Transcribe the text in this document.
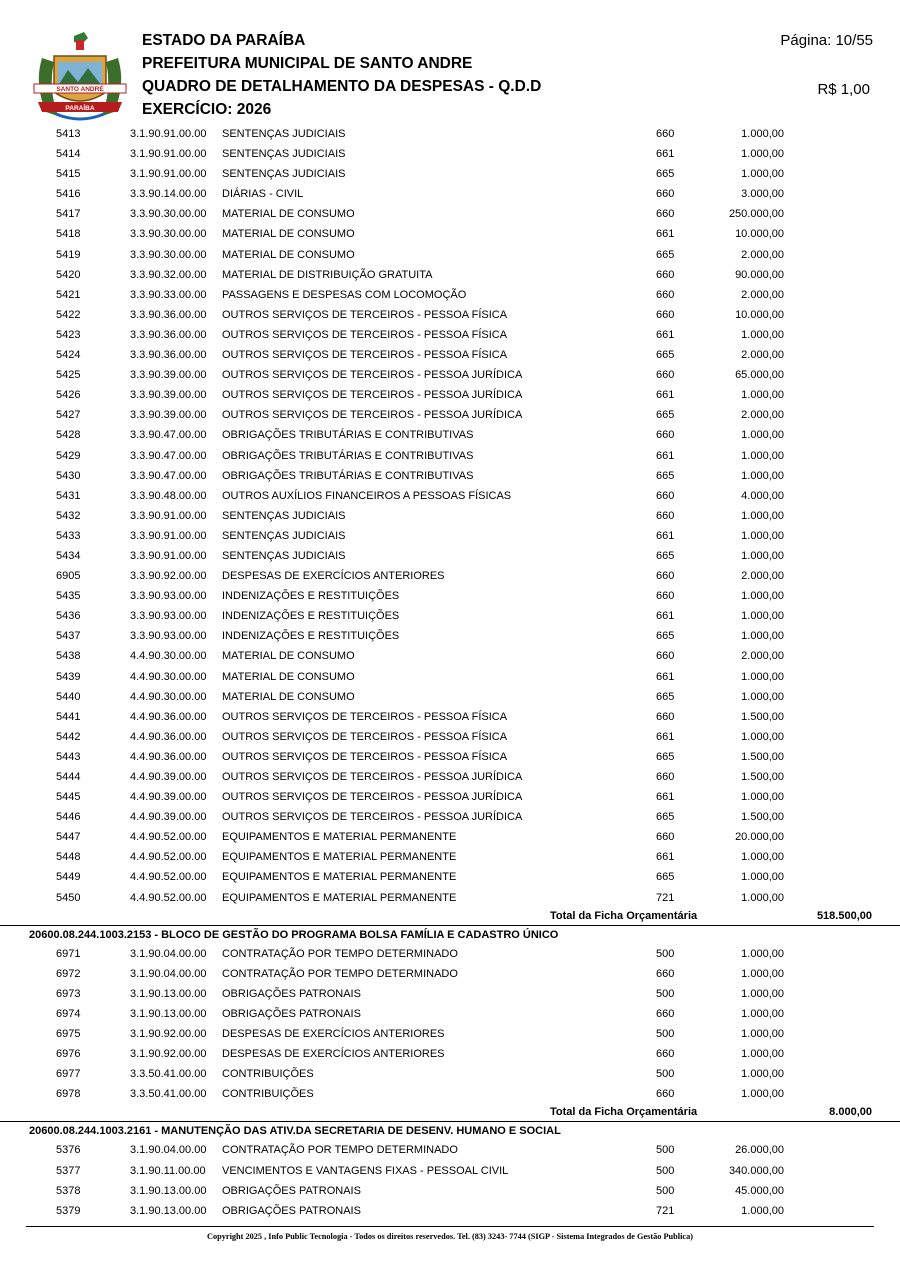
SANTO ANDRÉ
PARAÍBA
ESTADO DA PARAÍBA
PREFEITURA MUNICIPAL DE SANTO ANDRE
QUADRO DE DETALHAMENTO DA DESPESAS - Q.D.D
EXERCÍCIO: 2026
Página: 10/55
R$ 1,00
5413	3.1.90.91.00.00 SENTENÇAS JUDICIAIS	660	1.000,00
5414	3.1.90.91.00.00 SENTENÇAS JUDICIAIS	661	1.000,00
5415	3.1.90.91.00.00 SENTENÇAS JUDICIAIS	665	1.000,00
5416	3.3.90.14.00.00 DIÁRIAS - CIVIL	660	3.000,00
5417	3.3.90.30.00.00 MATERIAL DE CONSUMO	660	250.000,00
5418	3.3.90.30.00.00 MATERIAL DE CONSUMO	661	10.000,00
5419	3.3.90.30.00.00 MATERIAL DE CONSUMO	665	2.000,00
5420	3.3.90.32.00.00 MATERIAL DE DISTRIBUIÇÃO GRATUITA	660	90.000,00
5421	3.3.90.33.00.00 PASSAGENS E DESPESAS COM LOCOMOÇÃO	660	2.000,00
5422	3.3.90.36.00.00 OUTROS SERVIÇOS DE TERCEIROS - PESSOA FÍSICA	660	10.000,00
5423	3.3.90.36.00.00 OUTROS SERVIÇOS DE TERCEIROS - PESSOA FÍSICA	661	1.000,00
5424	3.3.90.36.00.00 OUTROS SERVIÇOS DE TERCEIROS - PESSOA FÍSICA	665	2.000,00
5425	3.3.90.39.00.00 OUTROS SERVIÇOS DE TERCEIROS - PESSOA JURÍDICA	660	65.000,00
5426	3.3.90.39.00.00 OUTROS SERVIÇOS DE TERCEIROS - PESSOA JURÍDICA	661	1.000,00
5427	3.3.90.39.00.00 OUTROS SERVIÇOS DE TERCEIROS - PESSOA JURÍDICA	665	2.000,00
5428	3.3.90.47.00.00 OBRIGAÇÕES TRIBUTÁRIAS E CONTRIBUTIVAS	660	1.000,00
5429	3.3.90.47.00.00 OBRIGAÇÕES TRIBUTÁRIAS E CONTRIBUTIVAS	661	1.000,00
5430	3.3.90.47.00.00 OBRIGAÇÕES TRIBUTÁRIAS E CONTRIBUTIVAS	665	1.000,00
5431	3.3.90.48.00.00 OUTROS AUXÍLIOS FINANCEIROS A PESSOAS FÍSICAS	660	4.000,00
5432	3.3.90.91.00.00 SENTENÇAS JUDICIAIS	660	1.000,00
5433	3.3.90.91.00.00 SENTENÇAS JUDICIAIS	661	1.000,00
5434	3.3.90.91.00.00 SENTENÇAS JUDICIAIS	665	1.000,00
6905	3.3.90.92.00.00 DESPESAS DE EXERCÍCIOS ANTERIORES	660	2.000,00
5435	3.3.90.93.00.00 INDENIZAÇÕES E RESTITUIÇÕES	660	1.000,00
5436	3.3.90.93.00.00 INDENIZAÇÕES E RESTITUIÇÕES	661	1.000,00
5437	3.3.90.93.00.00 INDENIZAÇÕES E RESTITUIÇÕES	665	1.000,00
5438	4.4.90.30.00.00 MATERIAL DE CONSUMO	660	2.000,00
5439	4.4.90.30.00.00 MATERIAL DE CONSUMO	661	1.000,00
5440	4.4.90.30.00.00 MATERIAL DE CONSUMO	665	1.000,00
5441	4.4.90.36.00.00 OUTROS SERVIÇOS DE TERCEIROS - PESSOA FÍSICA	660	1.500,00
5442	4.4.90.36.00.00 OUTROS SERVIÇOS DE TERCEIROS - PESSOA FÍSICA	661	1.000,00
5443	4.4.90.36.00.00 OUTROS SERVIÇOS DE TERCEIROS - PESSOA FÍSICA	665	1.500,00
5444	4.4.90.39.00.00 OUTROS SERVIÇOS DE TERCEIROS - PESSOA JURÍDICA	660	1.500,00
5445	4.4.90.39.00.00 OUTROS SERVIÇOS DE TERCEIROS - PESSOA JURÍDICA	661	1.000,00
5446	4.4.90.39.00.00 OUTROS SERVIÇOS DE TERCEIROS - PESSOA JURÍDICA	665	1.500,00
5447	4.4.90.52.00.00 EQUIPAMENTOS E MATERIAL PERMANENTE	660	20.000,00
5448	4.4.90.52.00.00 EQUIPAMENTOS E MATERIAL PERMANENTE	661	1.000,00
5449	4.4.90.52.00.00 EQUIPAMENTOS E MATERIAL PERMANENTE	665	1.000,00
5450	4.4.90.52.00.00 EQUIPAMENTOS E MATERIAL PERMANENTE	721	1.000,00
Total da Ficha Orçamentária	518.500,00
20600.08.244.1003.2153 - BLOCO DE GESTÃO DO PROGRAMA BOLSA FAMÍLIA E CADASTRO ÚNICO
6971	3.1.90.04.00.00 CONTRATAÇÃO POR TEMPO DETERMINADO	500	1.000,00
6972	3.1.90.04.00.00 CONTRATAÇÃO POR TEMPO DETERMINADO	660	1.000,00
6973	3.1.90.13.00.00 OBRIGAÇÕES PATRONAIS	500	1.000,00
6974	3.1.90.13.00.00 OBRIGAÇÕES PATRONAIS	660	1.000,00
6975	3.1.90.92.00.00 DESPESAS DE EXERCÍCIOS ANTERIORES	500	1.000,00
6976	3.1.90.92.00.00 DESPESAS DE EXERCÍCIOS ANTERIORES	660	1.000,00
6977	3.3.50.41.00.00 CONTRIBUIÇÕES	500	1.000,00
6978	3.3.50.41.00.00 CONTRIBUIÇÕES	660	1.000,00
Total da Ficha Orçamentária	8.000,00
20600.08.244.1003.2161 - MANUTENÇÃO DAS ATIV.DA SECRETARIA DE DESENV. HUMANO E SOCIAL
5376	3.1.90.04.00.00 CONTRATAÇÃO POR TEMPO DETERMINADO	500	26.000,00
5377	3.1.90.11.00.00 VENCIMENTOS E VANTAGENS FIXAS - PESSOAL CIVIL	500	340.000,00
5378	3.1.90.13.00.00 OBRIGAÇÕES PATRONAIS	500	45.000,00
5379	3.1.90.13.00.00 OBRIGAÇÕES PATRONAIS	721	1.000,00
Copyright 2025 , Info Public Tecnologia - Todos os direitos reservedos. Tel. (83) 3243- 7744 (SIGP - Sistema Integrados de Gestão Publica)
